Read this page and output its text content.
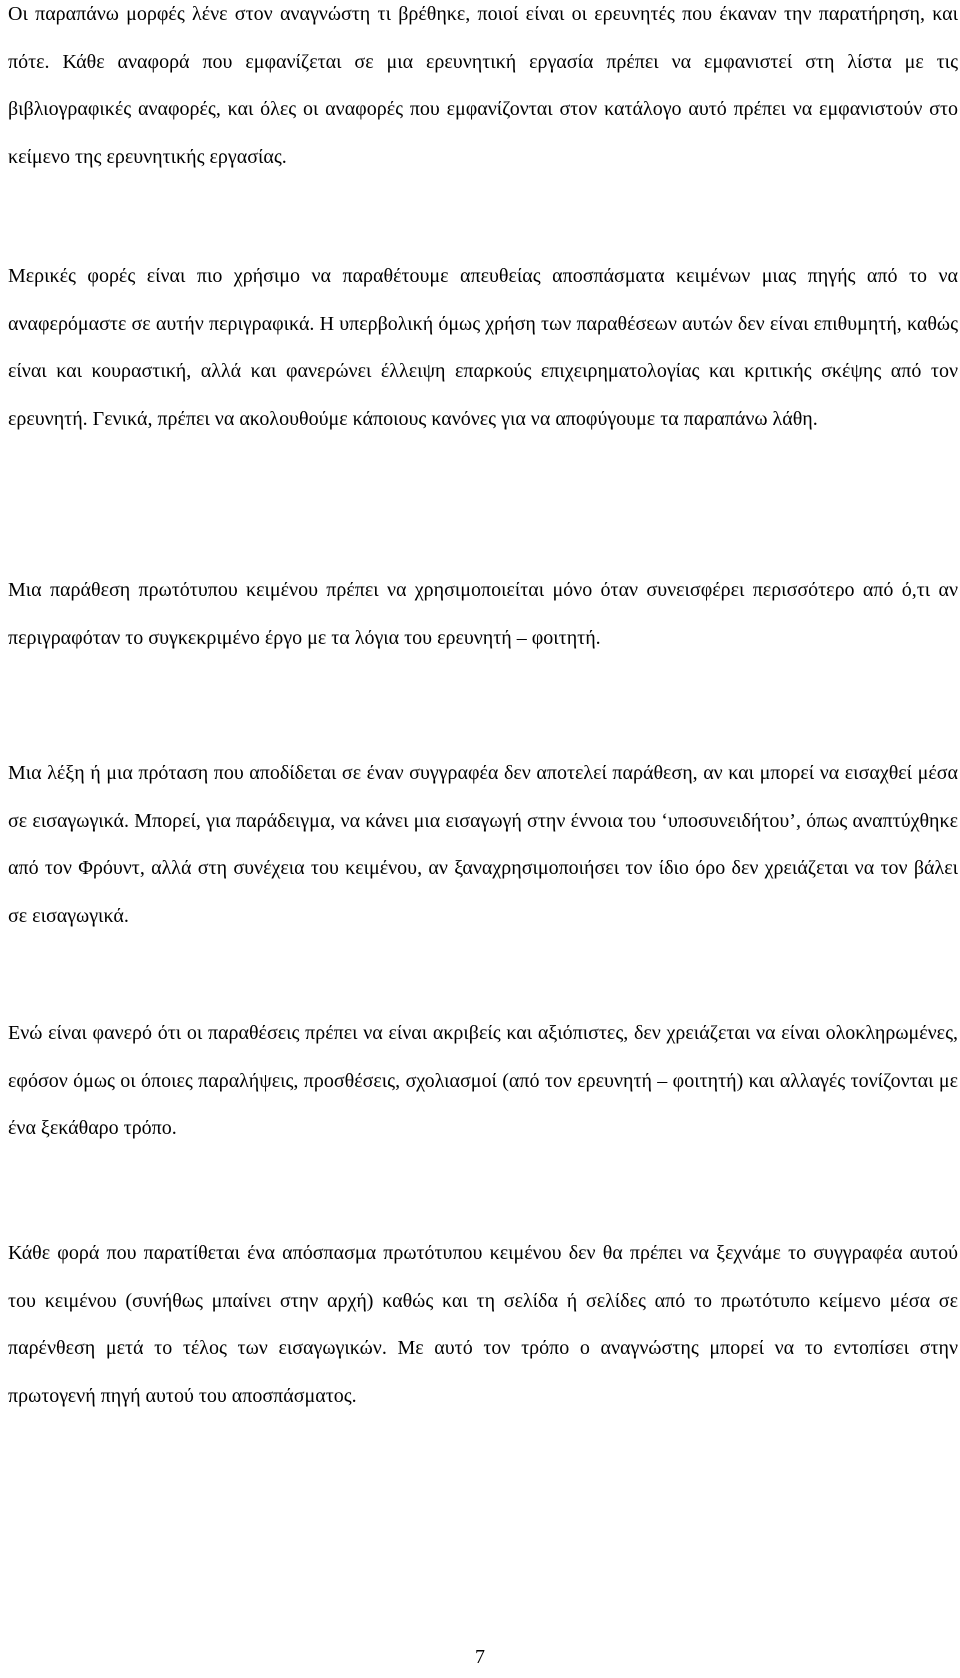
Οι παραπάνω μορφές λένε στον αναγνώστη τι βρέθηκε, ποιοί είναι οι ερευνητές που έκαναν την παρατήρηση, και πότε. Κάθε αναφορά που εμφανίζεται σε μια ερευνητική εργασία πρέπει να εμφανιστεί στη λίστα με τις βιβλιογραφικές αναφορές, και όλες οι αναφορές που εμφανίζονται στον κατάλογο αυτό πρέπει να εμφανιστούν στο κείμενο της ερευνητικής εργασίας.

Μερικές φορές είναι πιο χρήσιμο να παραθέτουμε απευθείας αποσπάσματα κειμένων μιας πηγής από το να αναφερόμαστε σε αυτήν περιγραφικά. Η υπερβολική όμως χρήση των παραθέσεων αυτών δεν είναι επιθυμητή, καθώς είναι και κουραστική, αλλά και φανερώνει έλλειψη επαρκούς επιχειρηματολογίας και κριτικής σκέψης από τον ερευνητή. Γενικά, πρέπει να ακολουθούμε κάποιους κανόνες για να αποφύγουμε τα παραπάνω λάθη.

Μια παράθεση πρωτότυπου κειμένου πρέπει να χρησιμοποιείται μόνο όταν συνεισφέρει περισσότερο από ό,τι αν περιγραφόταν το συγκεκριμένο έργο με τα λόγια του ερευνητή – φοιτητή.

Μια λέξη ή μια πρόταση που αποδίδεται σε έναν συγγραφέα δεν αποτελεί παράθεση, αν και μπορεί να εισαχθεί μέσα σε εισαγωγικά. Μπορεί, για παράδειγμα, να κάνει μια εισαγωγή στην έννοια του ‘υποσυνειδήτου’, όπως αναπτύχθηκε από τον Φρόυντ, αλλά στη συνέχεια του κειμένου, αν ξαναχρησιμοποιήσει τον ίδιο όρο δεν χρειάζεται να τον βάλει σε εισαγωγικά.

Ενώ είναι φανερό ότι οι παραθέσεις πρέπει να είναι ακριβείς και αξιόπιστες, δεν χρειάζεται να είναι ολοκληρωμένες, εφόσον όμως οι όποιες παραλήψεις, προσθέσεις, σχολιασμοί (από τον ερευνητή – φοιτητή) και αλλαγές τονίζονται με ένα ξεκάθαρο τρόπο.

Κάθε φορά που παρατίθεται ένα απόσπασμα πρωτότυπου κειμένου δεν θα πρέπει να ξεχνάμε το συγγραφέα αυτού του κειμένου (συνήθως μπαίνει στην αρχή) καθώς και τη σελίδα ή σελίδες από το πρωτότυπο κείμενο μέσα σε παρένθεση μετά το τέλος των εισαγωγικών. Με αυτό τον τρόπο ο αναγνώστης μπορεί να το εντοπίσει στην πρωτογενή πηγή αυτού του αποσπάσματος.

7
